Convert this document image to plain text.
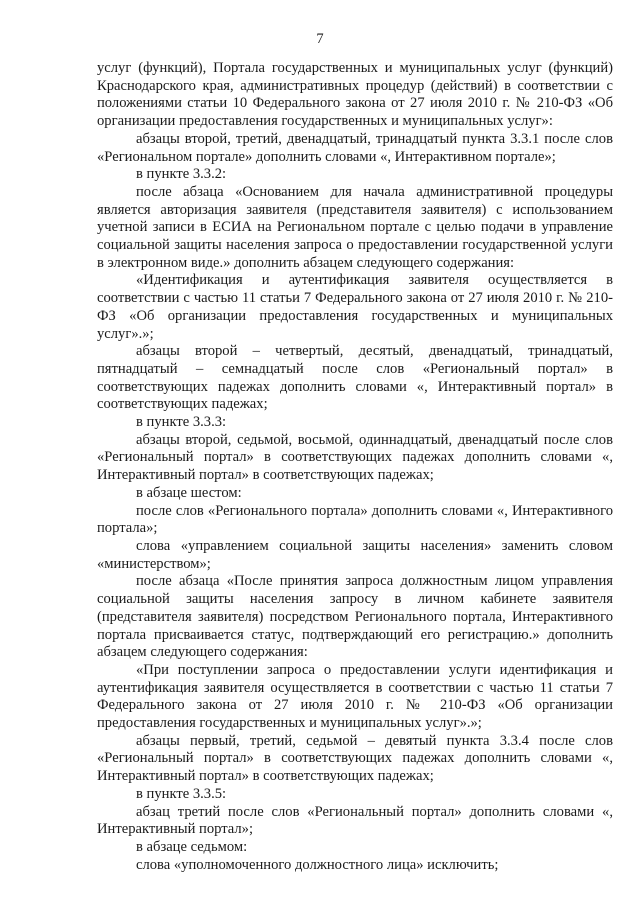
7

услуг (функций), Портала государственных и муниципальных услуг (функций) Краснодарского края, административных процедур (действий) в соответствии с положениями статьи 10 Федерального закона от 27 июля 2010 г. № 210-ФЗ «Об организации предоставления государственных и муниципальных услуг»:

абзацы второй, третий, двенадцатый, тринадцатый пункта 3.3.1 после слов «Региональном портале» дополнить словами «, Интерактивном портале»;

в пункте 3.3.2:

после абзаца «Основанием для начала административной процедуры является авторизация заявителя (представителя заявителя) с использованием учетной записи в ЕСИА на Региональном портале с целью подачи в управление социальной защиты населения запроса о предоставлении государственной услуги в электронном виде.» дополнить абзацем следующего содержания:

«Идентификация и аутентификация заявителя осуществляется в соответствии с частью 11 статьи 7 Федерального закона от 27 июля 2010 г. № 210-ФЗ «Об организации предоставления государственных и муниципальных услуг».»;

абзацы второй – четвертый, десятый, двенадцатый, тринадцатый, пятнадцатый – семнадцатый после слов «Региональный портал» в соответствующих падежах дополнить словами «, Интерактивный портал» в соответствующих падежах;

в пункте 3.3.3:

абзацы второй, седьмой, восьмой, одиннадцатый, двенадцатый после слов «Региональный портал» в соответствующих падежах дополнить словами «, Интерактивный портал» в соответствующих падежах;

в абзаце шестом:

после слов «Регионального портала» дополнить словами «, Интерактивного портала»;

слова «управлением социальной защиты населения» заменить словом «министерством»;

после абзаца «После принятия запроса должностным лицом управления социальной защиты населения запросу в личном кабинете заявителя (представителя заявителя) посредством Регионального портала, Интерактивного портала присваивается статус, подтверждающий его регистрацию.» дополнить абзацем следующего содержания:

«При поступлении запроса о предоставлении услуги идентификация и аутентификация заявителя осуществляется в соответствии с частью 11 статьи 7 Федерального закона от 27 июля 2010 г. № 210-ФЗ «Об организации предоставления государственных и муниципальных услуг».»;

абзацы первый, третий, седьмой – девятый пункта 3.3.4 после слов «Региональный портал» в соответствующих падежах дополнить словами «, Интерактивный портал» в соответствующих падежах;

в пункте 3.3.5:

абзац третий после слов «Региональный портал» дополнить словами «, Интерактивный портал»;

в абзаце седьмом:

слова «уполномоченного должностного лица» исключить;
